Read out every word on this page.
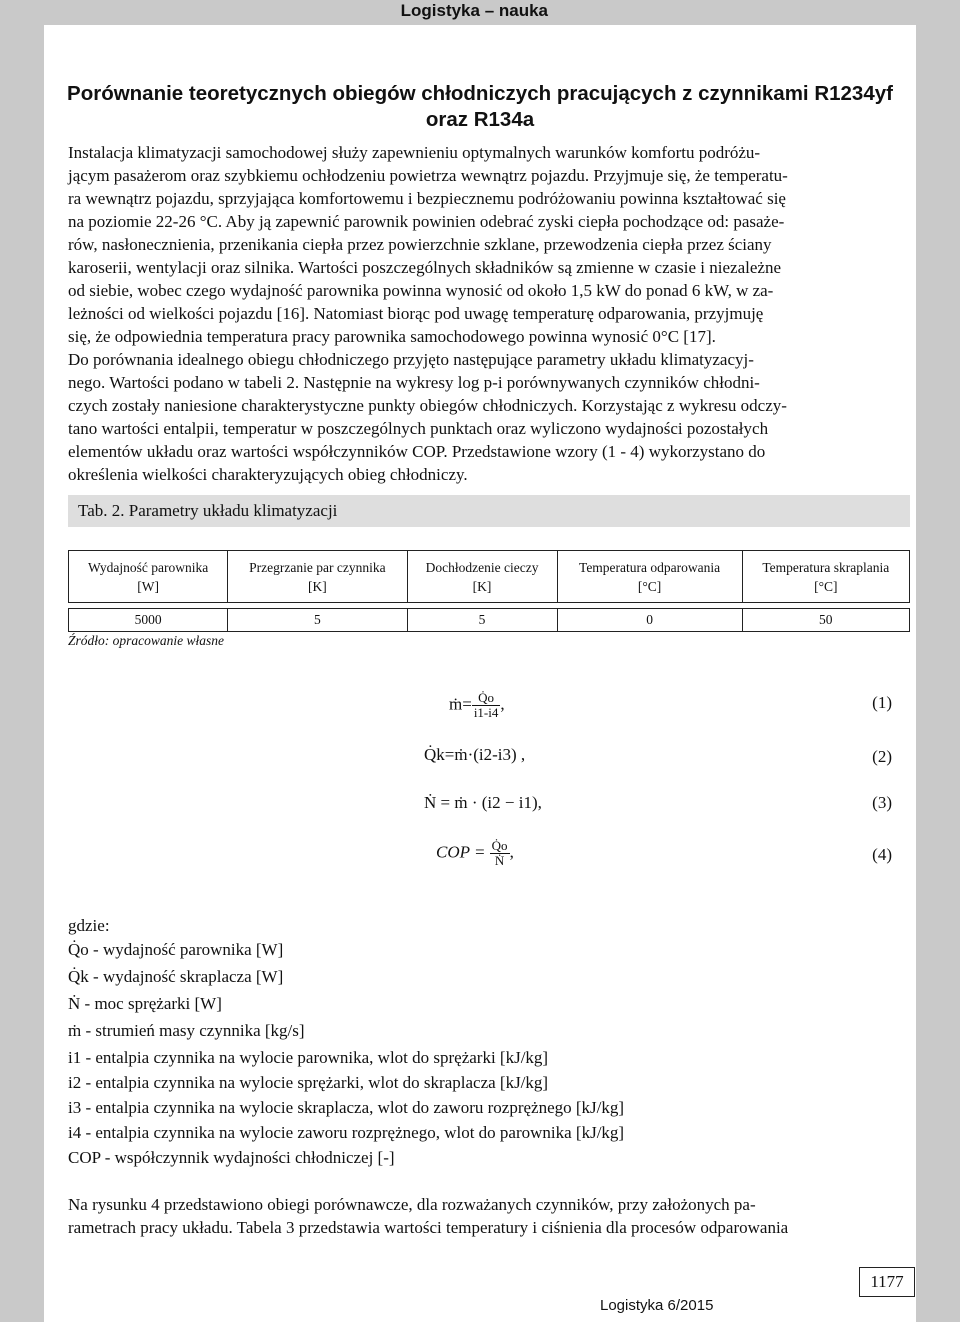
Logistyka – nauka
Porównanie teoretycznych obiegów chłodniczych pracujących z czynnikami R1234yf
oraz R134a
Instalacja klimatyzacji samochodowej służy zapewnieniu optymalnych warunków komfortu podróżu-
jącym pasażerom oraz szybkiemu ochłodzeniu powietrza wewnątrz pojazdu. Przyjmuje się, że temperatu-
ra wewnątrz pojazdu, sprzyjająca komfortowemu i bezpiecznemu podróżowaniu powinna kształtować się
na poziomie 22-26 °C. Aby ją zapewnić parownik powinien odebrać zyski ciepła pochodzące od: pasaże-
rów, nasłonecznienia, przenikania ciepła przez powierzchnie szklane, przewodzenia ciepła przez ściany
karoserii, wentylacji oraz silnika. Wartości poszczególnych składników są zmienne w czasie i niezależne
od siebie, wobec czego wydajność parownika powinna wynosić od około 1,5 kW do ponad 6 kW, w za-
leżności od wielkości pojazdu [16]. Natomiast biorąc pod uwagę temperaturę odparowania, przyjmuję
się, że odpowiednia temperatura pracy parownika samochodowego powinna wynosić 0°C [17].
Do porównania idealnego obiegu chłodniczego przyjęto następujące parametry układu klimatyzacyj-
nego. Wartości podano w tabeli 2. Następnie na wykresy log p-i porównywanych czynników chłodni-
czych zostały naniesione charakterystyczne punkty obiegów chłodniczych. Korzystając z wykresu odczy-
tano wartości entalpii, temperatur w poszczególnych punktach oraz wyliczono wydajności pozostałych
elementów układu oraz wartości współczynników COP. Przedstawione wzory (1 - 4) wykorzystano do
określenia wielkości charakteryzujących obieg chłodniczy.
Tab. 2. Parametry układu klimatyzacji
Wydajność parownika
[W]	Przegrzanie par czynnika
[K]	Dochłodzenie cieczy
[K]	Temperatura odparowania
[°C]	Temperatura skraplania
[°C]

5000	5	5	0	50
Źródło: opracowanie własne
ṁ= $\frac{Q̇o}{i1-i4}$ ,	(1)
Q̇k=ṁ·(i2-i3) ,	(2)
Ṅ = ṁ · (i2 − i1),	(3)
COP = $\frac{Q̇o}{\text{Ṅ}}$ ,	(4)
gdzie:
Q̇o - wydajność parownika [W]
Q̇k - wydajność skraplacza [W]
Ṅ - moc sprężarki [W]
ṁ - strumień masy czynnika [kg/s]
i1 - entalpia czynnika na wylocie parownika, wlot do sprężarki [kJ/kg]
i2 - entalpia czynnika na wylocie sprężarki, wlot do skraplacza [kJ/kg]
i3 - entalpia czynnika na wylocie skraplacza, wlot do zaworu rozprężnego [kJ/kg]
i4 - entalpia czynnika na wylocie zaworu rozprężnego, wlot do parownika [kJ/kg]
COP - współczynnik wydajności chłodniczej [-]
Na rysunku 4 przedstawiono obiegi porównawcze, dla rozważanych czynników, przy założonych pa-
rametrach pracy układu. Tabela 3 przedstawia wartości temperatury i ciśnienia dla procesów odparowania
1177
Logistyka 6/2015
